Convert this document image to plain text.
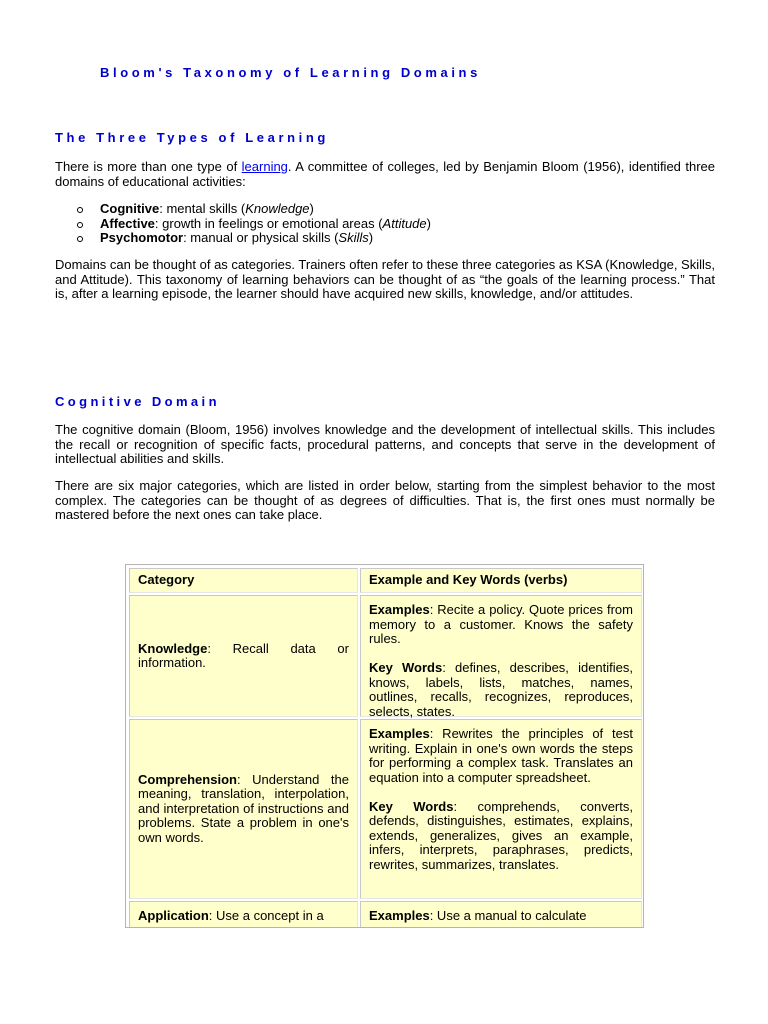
Bloom's Taxonomy of Learning Domains
The Three Types of Learning

There is more than one type of learning. A committee of colleges, led by Benjamin Bloom (1956), identified three domains of educational activities:

Cognitive: mental skills (Knowledge)
Affective: growth in feelings or emotional areas (Attitude)
Psychomotor: manual or physical skills (Skills)

Domains can be thought of as categories. Trainers often refer to these three categories as KSA (Knowledge, Skills, and Attitude). This taxonomy of learning behaviors can be thought of as “the goals of the learning process.” That is, after a learning episode, the learner should have acquired new skills, knowledge, and/or attitudes.

Cognitive Domain

The cognitive domain (Bloom, 1956) involves knowledge and the development of intellectual skills. This includes the recall or recognition of specific facts, procedural patterns, and concepts that serve in the development of intellectual abilities and skills.

There are six major categories, which are listed in order below, starting from the simplest behavior to the most complex. The categories can be thought of as degrees of difficulties. That is, the first ones must normally be mastered before the next ones can take place.

Category	Example and Key Words (verbs)

Knowledge: Recall data or information.

Examples: Recite a policy. Quote prices from memory to a customer. Knows the safety rules.

Key Words: defines, describes, identifies, knows, labels, lists, matches, names, outlines, recalls, recognizes, reproduces, selects, states.

Comprehension: Understand the meaning, translation, interpolation, and interpretation of instructions and problems. State a problem in one's own words.

Examples: Rewrites the principles of test writing. Explain in one's own words the steps for performing a complex task. Translates an equation into a computer spreadsheet.

Key Words: comprehends, converts, defends, distinguishes, estimates, explains, extends, generalizes, gives an example, infers, interprets, paraphrases, predicts, rewrites, summarizes, translates.

Application: Use a concept in a	Examples: Use a manual to calculate
